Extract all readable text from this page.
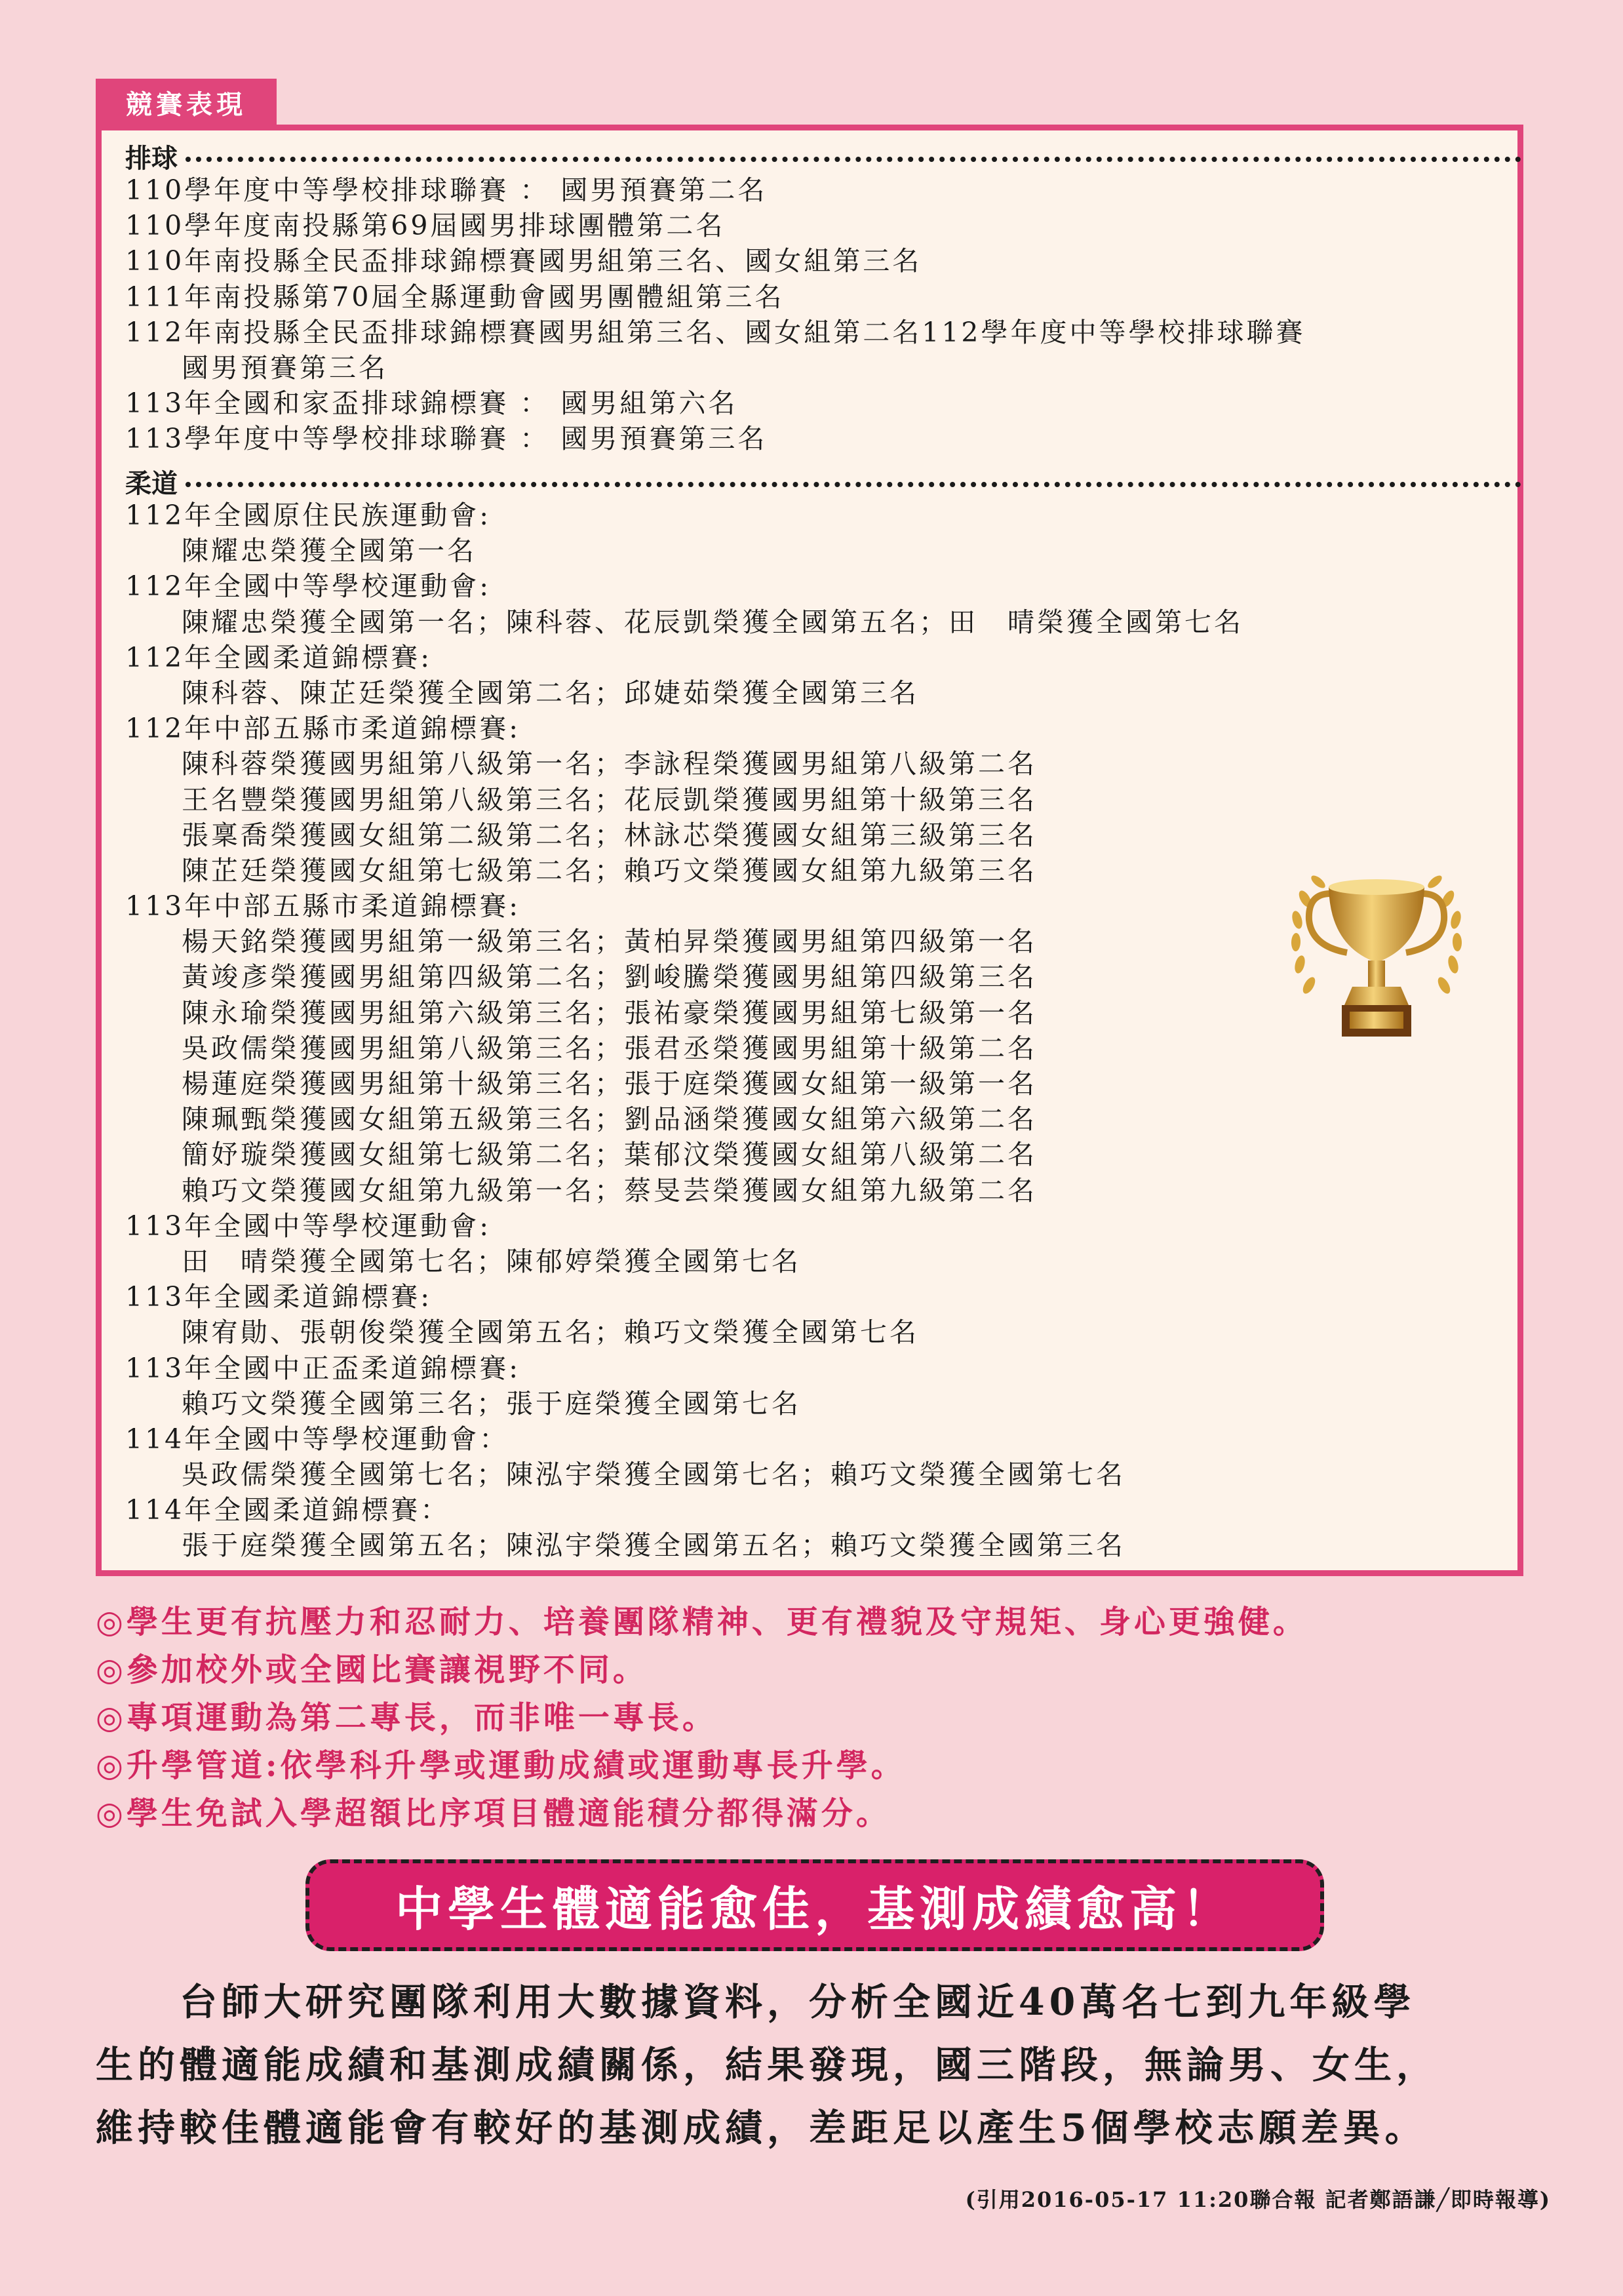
競賽表現
排球
110學年度中等學校排球聯賽 ： 國男預賽第二名
110學年度南投縣第69屆國男排球團體第二名
110年南投縣全民盃排球錦標賽國男組第三名、國女組第三名
111年南投縣第70屆全縣運動會國男團體組第三名
112年南投縣全民盃排球錦標賽國男組第三名、國女組第二名112學年度中等學校排球聯賽
國男預賽第三名
113年全國和家盃排球錦標賽 ： 國男組第六名
113學年度中等學校排球聯賽 ： 國男預賽第三名
柔道
112年全國原住民族運動會:
陳耀忠榮獲全國第一名
112年全國中等學校運動會:
陳耀忠榮獲全國第一名；陳科蓉、花辰凱榮獲全國第五名；田　晴榮獲全國第七名
112年全國柔道錦標賽:
陳科蓉、陳芷廷榮獲全國第二名；邱婕茹榮獲全國第三名
112年中部五縣市柔道錦標賽:
陳科蓉榮獲國男組第八級第一名；李詠程榮獲國男組第八級第二名
王名豐榮獲國男組第八級第三名；花辰凱榮獲國男組第十級第三名
張稟喬榮獲國女組第二級第二名；林詠芯榮獲國女組第三級第三名
陳芷廷榮獲國女組第七級第二名；賴巧文榮獲國女組第九級第三名
113年中部五縣市柔道錦標賽:
楊天銘榮獲國男組第一級第三名；黃柏昇榮獲國男組第四級第一名
黃竣彥榮獲國男組第四級第二名；劉峻騰榮獲國男組第四級第三名
陳永瑜榮獲國男組第六級第三名；張祐豪榮獲國男組第七級第一名
吳政儒榮獲國男組第八級第三名；張君丞榮獲國男組第十級第二名
楊蓮庭榮獲國男組第十級第三名；張于庭榮獲國女組第一級第一名
陳珮甄榮獲國女組第五級第三名；劉品涵榮獲國女組第六級第二名
簡妤璇榮獲國女組第七級第二名；葉郁汶榮獲國女組第八級第二名
賴巧文榮獲國女組第九級第一名；蔡旻芸榮獲國女組第九級第二名
113年全國中等學校運動會:
田　晴榮獲全國第七名；陳郁婷榮獲全國第七名
113年全國柔道錦標賽:
陳宥勛、張朝俊榮獲全國第五名；賴巧文榮獲全國第七名
113年全國中正盃柔道錦標賽:
賴巧文榮獲全國第三名；張于庭榮獲全國第七名
114年全國中等學校運動會：
吳政儒榮獲全國第七名；陳泓宇榮獲全國第七名；賴巧文榮獲全國第七名
114年全國柔道錦標賽：
張于庭榮獲全國第五名；陳泓宇榮獲全國第五名；賴巧文榮獲全國第三名
◎學生更有抗壓力和忍耐力、培養團隊精神、更有禮貌及守規矩、身心更強健。
◎參加校外或全國比賽讓視野不同。
◎專項運動為第二專長，而非唯一專長。
◎升學管道:依學科升學或運動成績或運動專長升學。
◎學生免試入學超額比序項目體適能積分都得滿分。
中學生體適能愈佳，基測成績愈高！
　　台師大研究團隊利用大數據資料，分析全國近40萬名七到九年級學
生的體適能成績和基測成績關係，結果發現，國三階段，無論男、女生，
維持較佳體適能會有較好的基測成績，差距足以產生5個學校志願差異。
(引用2016-05-17 11:20聯合報 記者鄭語謙╱即時報導)
